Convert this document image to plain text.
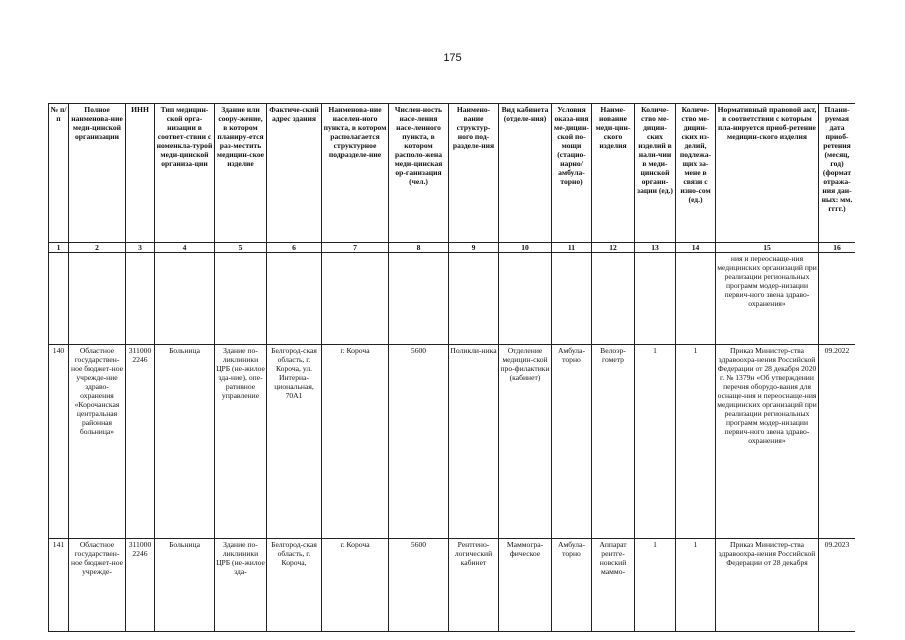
175
№ п/п	Полное наименова-ние меди-цинской организации	ИНН	Тип медицин-ской орга-низации в соответ-ствии с номенкла-турой меди-цинской организа-ции	Здание или соору-жение, в котором планиру-ется раз-местить медицин-ское изделие	Фактиче-ский адрес здания	Наименова-ние населен-ного пункта, в котором располагается структурное подразделе-ние	Числен-ность насе-ления насе-ленного пункта, в котором располо-жена меди-цинская ор-ганизация (чел.)	Наимено-вание структур-ного под-разделе-ния	Вид кабинета (отделе-ния)	Условия оказа-ния ме-дицин-ской по-мощи (стацио-нарно/ амбула-торно)	Наиме-нование меди-цин-ского изделия	Количе-ство ме-дицин-ских изделий в нали-чии в меди-цинской органи-зации (ед.)	Количе-ство ме-дицин-ских из-делий, подлежа-щих за-мене в связи с изно-сом (ед.)	Нормативный правовой акт, в соответствии с которым пла-нируется приоб-ретение медицин-ского изделия	Плани-руемая дата приоб-ретения (месяц, год) (формат отража-ния дан-ных: мм. гггг.)
1	2	3	4	5	6	7	8	9	10	11	12	13	14	15	16
														ния и переоснаще-ния медицинских организаций при реализации региональных программ модер-низации первич-ного звена здраво-охранения»	
140	Областное государствен-ное бюджет-ное учрежде-ние здраво-охранения «Корочанская центральная районная больница»	311000 2246	Больница	Здание по-ликлиники ЦРБ (не-жилое зда-ние), опе-ративное управление	Белгород-ская область, г. Короча, ул. Интерна-циональная, 70А1	г. Короча	5600	Поликли-ника	Отделение медицин-ской про-филактики (кабинет)	Амбула-торно	Велоэр-гометр	1	1	Приказ Министер-ства здравоохра-нения Российской Федерации от 28 декабря 2020 г. № 1379н «Об утверждении перечня оборудо-вания для оснаще-ния и переоснаще-ния медицинских организаций при реализации региональных программ модер-низации первич-ного звена здраво-охранения»	09.2022
141	Областное государствен-ное бюджет-ное учрежде-	311000 2246	Больница	Здание по-ликлиники ЦРБ (не-жилое зда-	Белгород-ская область, г. Короча,	г. Короча	5600	Рентгено-логический кабинет	Маммогра-фическое	Амбула-торно	Аппарат рентге-новский маммо-	1	1	Приказ Министер-ства здравоохра-нения Российской Федерации от 28 декабря	09.2023
